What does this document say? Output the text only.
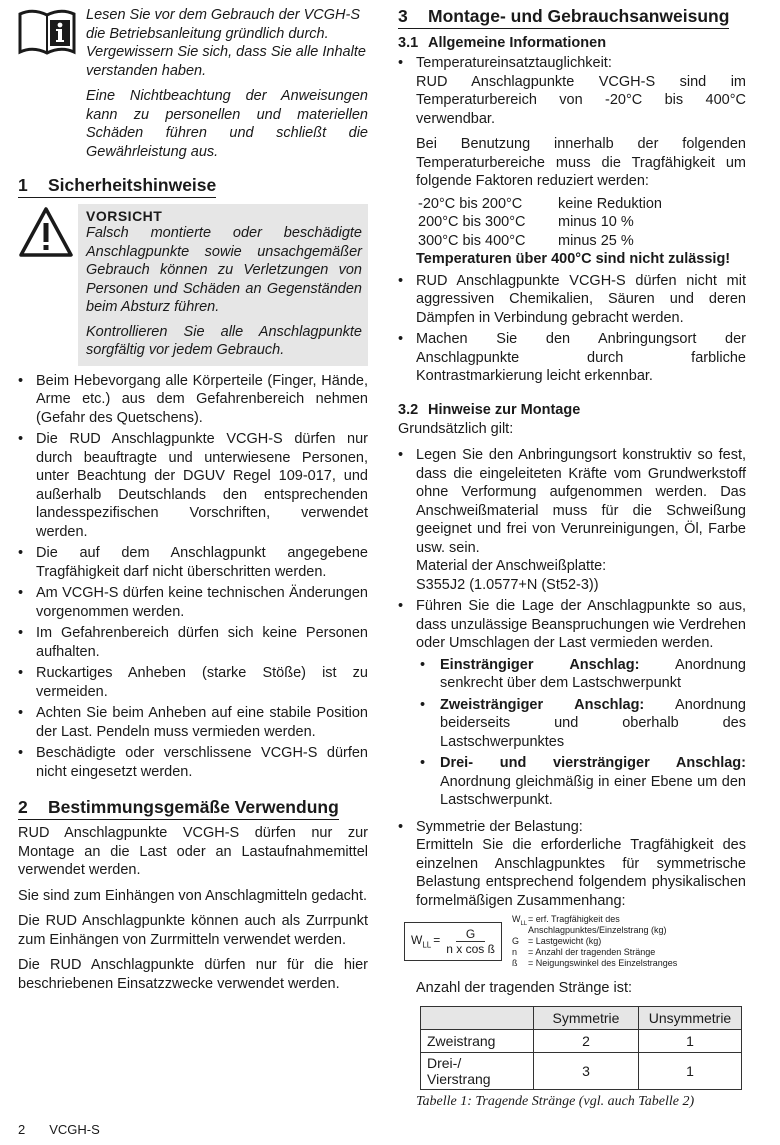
Lesen Sie vor dem Gebrauch der VCGH-S die Betriebsanleitung gründlich durch. Vergewissern Sie sich, dass Sie alle Inhalte verstanden haben.

Eine Nichtbeachtung der Anweisungen kann zu personellen und materiellen Schäden führen und schließt die Gewährleistung aus.

1 Sicherheitshinweise
VORSICHT

Falsch montierte oder beschädigte Anschlagpunkte sowie unsachgemäßer Gebrauch können zu Verletzungen von Personen und Schäden an Gegenständen beim Absturz führen.

Kontrollieren Sie alle Anschlagpunkte sorgfältig vor jedem Gebrauch.

• Beim Hebevorgang alle Körperteile (Finger, Hände, Arme etc.) aus dem Gefahrenbereich nehmen (Gefahr des Quetschens).
• Die RUD Anschlagpunkte VCGH-S dürfen nur durch beauftragte und unterwiesene Personen, unter Beachtung der DGUV Regel 109-017, und außerhalb Deutschlands den entsprechenden landesspezifischen Vorschriften, verwendet werden.
• Die auf dem Anschlagpunkt angegebene Tragfähigkeit darf nicht überschritten werden.
• Am VCGH-S dürfen keine technischen Änderungen vorgenommen werden.
• Im Gefahrenbereich dürfen sich keine Personen aufhalten.
• Ruckartiges Anheben (starke Stöße) ist zu vermeiden.
• Achten Sie beim Anheben auf eine stabile Position der Last. Pendeln muss vermieden werden.
• Beschädigte oder verschlissene VCGH-S dürfen nicht eingesetzt werden.
2 Bestimmungsgemäße Verwendung

RUD Anschlagpunkte VCGH-S dürfen nur zur Montage an die Last oder an Lastaufnahmemittel verwendet werden.

Sie sind zum Einhängen von Anschlagmitteln gedacht.

Die RUD Anschlagpunkte können auch als Zurrpunkt zum Einhängen von Zurrmitteln verwendet werden.

Die RUD Anschlagpunkte dürfen nur für die hier beschriebenen Einsatzzwecke verwendet werden.

3 Montage- und Gebrauchsanweisung
3.1 Allgemeine Informationen

• Temperatureinsatztauglichkeit:

RUD Anschlagpunkte VCGH-S sind im Temperaturbereich von -20°C bis 400°C verwendbar.

Bei Benutzung innerhalb der folgenden Temperaturbereiche muss die Tragfähigkeit um folgende Faktoren reduziert werden:

-20°C bis 200°C	keine Reduktion
200°C bis 300°C	minus 10 %
300°C bis 400°C	minus 25 %

Temperaturen über 400°C sind nicht zulässig!

• RUD Anschlagpunkte VCGH-S dürfen nicht mit aggressiven Chemikalien, Säuren und deren Dämpfen in Verbindung gebracht werden.
• Machen Sie den Anbringungsort der Anschlagpunkte durch farbliche Kontrastmarkierung leicht erkennbar.
3.2 Hinweise zur Montage

Grundsätzlich gilt:

• Legen Sie den Anbringungsort konstruktiv so fest, dass die eingeleiteten Kräfte vom Grundwerkstoff ohne Verformung aufgenommen werden. Das Anschweißmaterial muss für die Schweißung geeignet und frei von Verunreinigungen, Öl, Farbe usw. sein.

Material der Anschweißplatte:

S355J2 (1.0577+N (St52-3))

• Führen Sie die Lage der Anschlagpunkte so aus, dass unzulässige Beanspruchungen wie Verdrehen oder Umschlagen der Last vermieden werden.

• Einsträngiger Anschlag: Anordnung senkrecht über dem Lastschwerpunkt
• Zweisträngiger Anschlag: Anordnung beiderseits und oberhalb des Lastschwerpunktes
• Drei- und viersträngiger Anschlag: Anordnung gleichmäßig in einer Ebene um den Lastschwerpunkt.

• Symmetrie der Belastung:

Ermitteln Sie die erforderliche Tragfähigkeit des einzelnen Anschlagpunktes für symmetrische Belastung entsprechend folgendem physikalischen formelmäßigen Zusammenhang:

$W_{LL} = \frac{G}{\text{n x cos ß}}$
$W_{LL}$ = erf. Tragfähigkeit des Anschlagpunktes/Einzelstrang (kg)
G = Lastgewicht (kg)
n	= Anzahl der tragenden Stränge
ß	= Neigungswinkel des Einzelstranges

Anzahl der tragenden Stränge ist:

	Symmetrie	Unsymmetrie
Zweistrang	2	1
Drei-/ Vierstrang	3	1

Tabelle 1: Tragende Stränge (vgl. auch Tabelle 2)

2 VCGH-S
